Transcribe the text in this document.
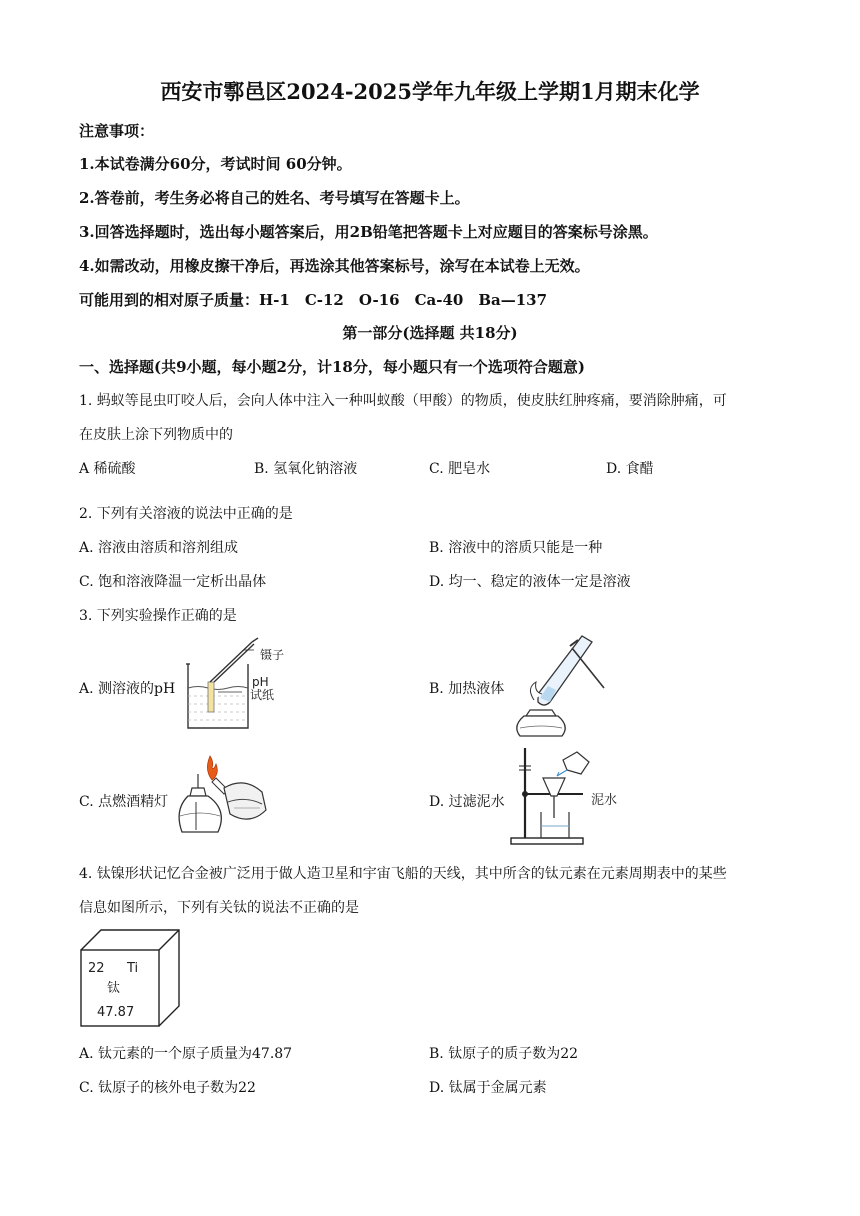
西安市鄠邑区2024-2025学年九年级上学期1月期末化学
注意事项：
1.本试卷满分60分，考试时间 60分钟。
2.答卷前，考生务必将自己的姓名、考号填写在答题卡上。
3.回答选择题时，选出每小题答案后，用2B铅笔把答题卡上对应题目的答案标号涂黑。
4.如需改动，用橡皮擦干净后，再选涂其他答案标号，涂写在本试卷上无效。
可能用到的相对原子质量：H-1　C-12　O-16　Ca-40　Ba—137
第一部分(选择题 共18分)
一、选择题(共9小题，每小题2分，计18分，每小题只有一个选项符合题意)
1. 蚂蚁等昆虫叮咬人后，会向人体中注入一种叫蚁酸（甲酸）的物质，使皮肤红肿疼痛，要消除肿痛，可
在皮肤上涂下列物质中的
A 稀硫酸	B. 氢氧化钠溶液	C. 肥皂水	D. 食醋
2. 下列有关溶液的说法中正确的是
A. 溶液由溶质和溶剂组成	B. 溶液中的溶质只能是一种
C. 饱和溶液降温一定析出晶体	D. 均一、稳定的液体一定是溶液
3. 下列实验操作正确的是
A. 测溶液的pH	B. 加热液体
C. 点燃酒精灯	D. 过滤泥水
镊子
pH
试纸
泥水
4. 钛镍形状记忆合金被广泛用于做人造卫星和宇宙飞船的天线，其中所含的钛元素在元素周期表中的某些
信息如图所示，下列有关钛的说法不正确的是
22 Ti
钛
47.87
A. 钛元素的一个原子质量为47.87	B. 钛原子的质子数为22
C. 钛原子的核外电子数为22	D. 钛属于金属元素
